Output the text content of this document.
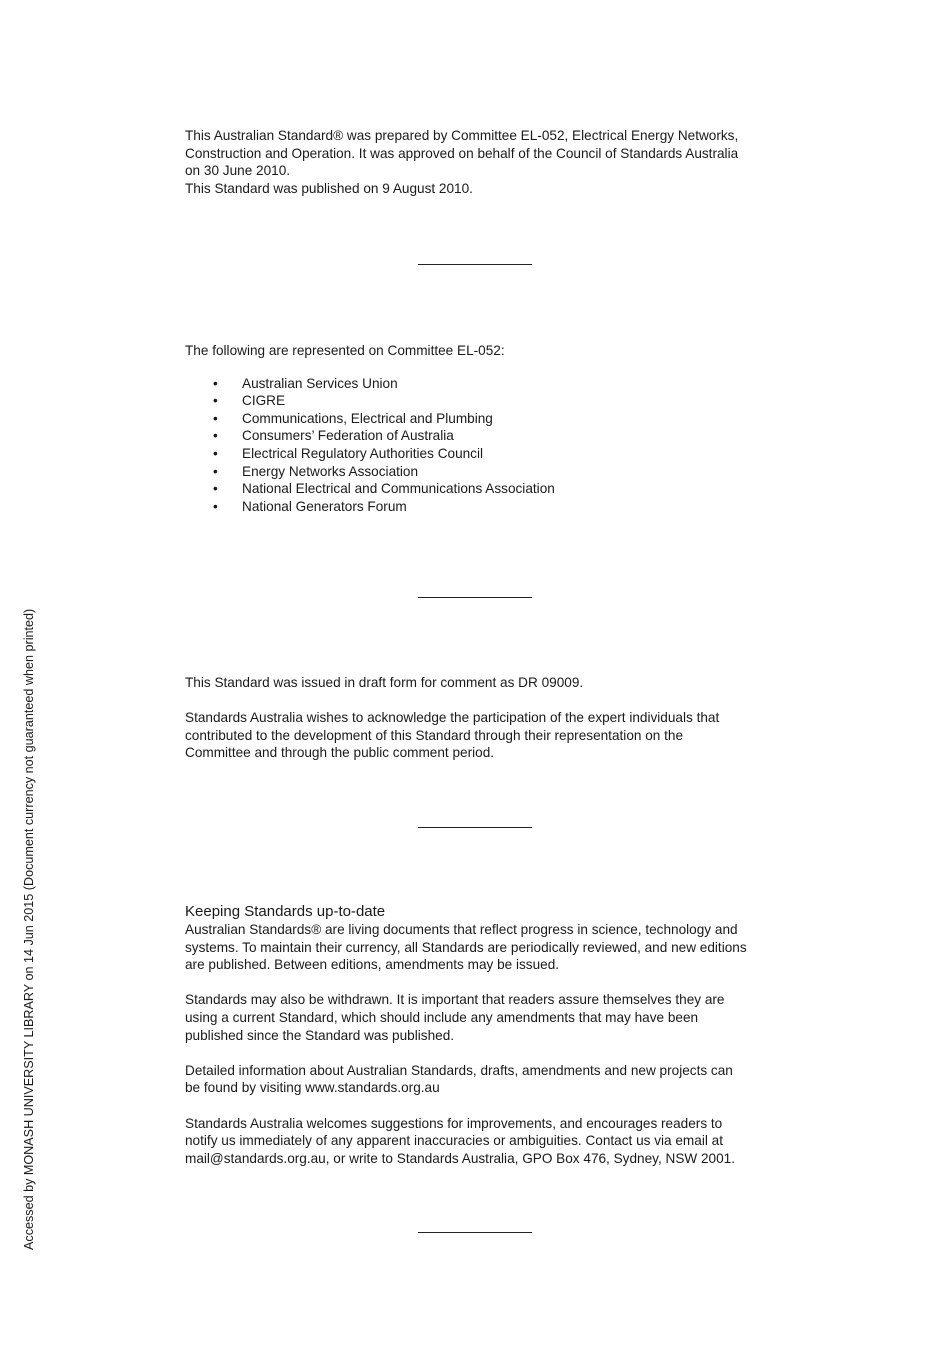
This Australian Standard® was prepared by Committee EL-052, Electrical Energy Networks,

Construction and Operation. It was approved on behalf of the Council of Standards Australia

on 30 June 2010.

This Standard was published on 9 August 2010.

The following are represented on Committee EL-052:

• Australian Services Union
• CIGRE
• Communications, Electrical and Plumbing
• Consumers’ Federation of Australia
• Electrical Regulatory Authorities Council
• Energy Networks Association
• National Electrical and Communications Association
• National Generators Forum

This Standard was issued in draft form for comment as DR 09009.

Standards Australia wishes to acknowledge the participation of the expert individuals that

contributed to the development of this Standard through their representation on the

Committee and through the public comment period.

Keeping Standards up-to-date

Australian Standards® are living documents that reflect progress in science, technology and

systems. To maintain their currency, all Standards are periodically reviewed, and new editions

are published. Between editions, amendments may be issued.

Standards may also be withdrawn. It is important that readers assure themselves they are

using a current Standard, which should include any amendments that may have been

published since the Standard was published.

Detailed information about Australian Standards, drafts, amendments and new projects can

be found by visiting www.standards.org.au

Standards Australia welcomes suggestions for improvements, and encourages readers to

notify us immediately of any apparent inaccuracies or ambiguities. Contact us via email at

mail@standards.org.au, or write to Standards Australia, GPO Box 476, Sydney, NSW 2001.

Accessed by MONASH UNIVERSITY LIBRARY on 14 Jun 2015 (Document currency not guaranteed when printed)
